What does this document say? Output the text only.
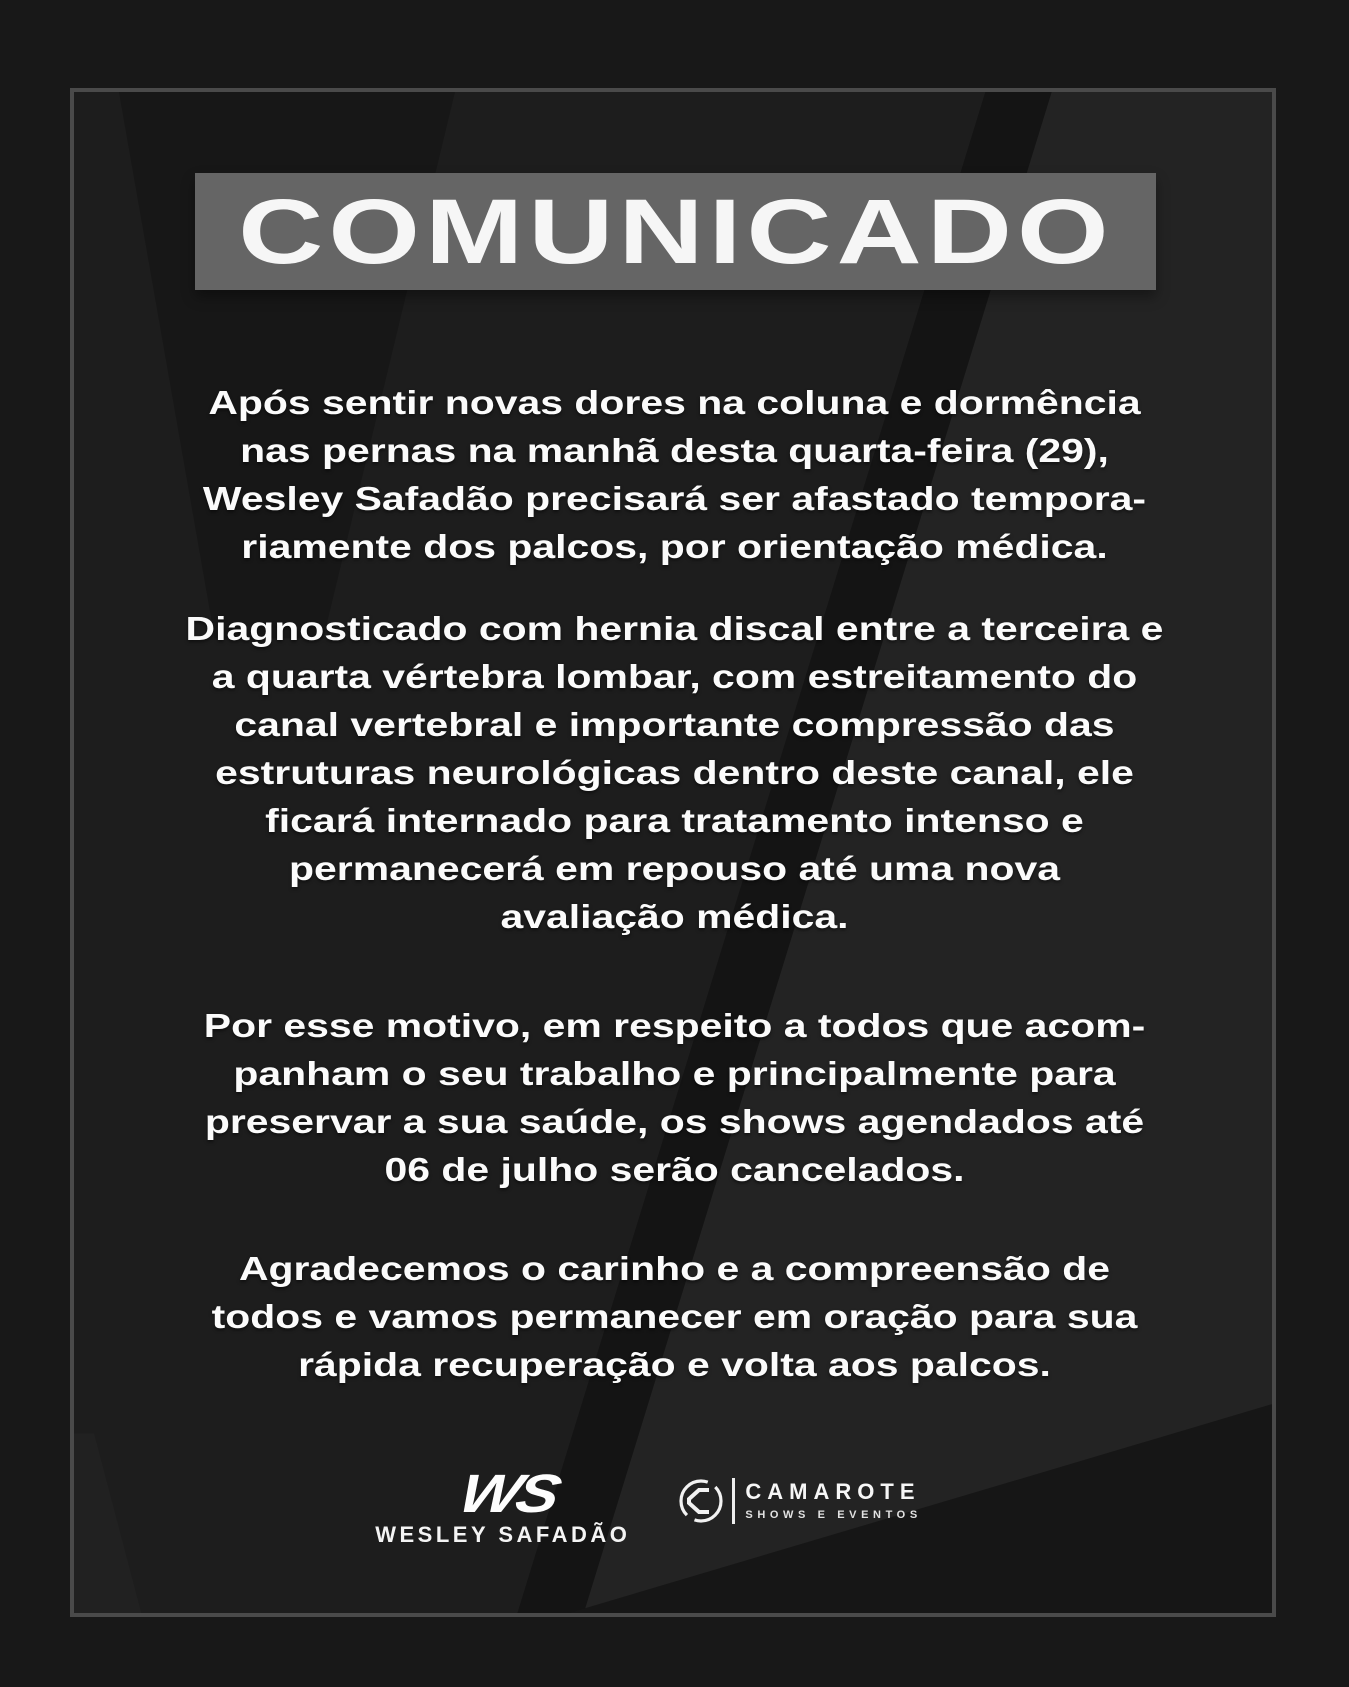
COMUNICADO
Após sentir novas dores na coluna e dormência
nas pernas na manhã desta quarta-feira (29),
Wesley Safadão precisará ser afastado tempora-
riamente dos palcos, por orientação médica.
Diagnosticado com hernia discal entre a terceira e
a quarta vértebra lombar, com estreitamento do
canal vertebral e importante compressão das
estruturas neurológicas dentro deste canal, ele
ficará internado para tratamento intenso e
permanecerá em repouso até uma nova
avaliação médica.
Por esse motivo, em respeito a todos que acom-
panham o seu trabalho e principalmente para
preservar a sua saúde, os shows agendados até
06 de julho serão cancelados.
Agradecemos o carinho e a compreensão de
todos e vamos permanecer em oração para sua
rápida recuperação e volta aos palcos.
WS
WESLEY SAFADÃO
CAMAROTE
SHOWS E EVENTOS
